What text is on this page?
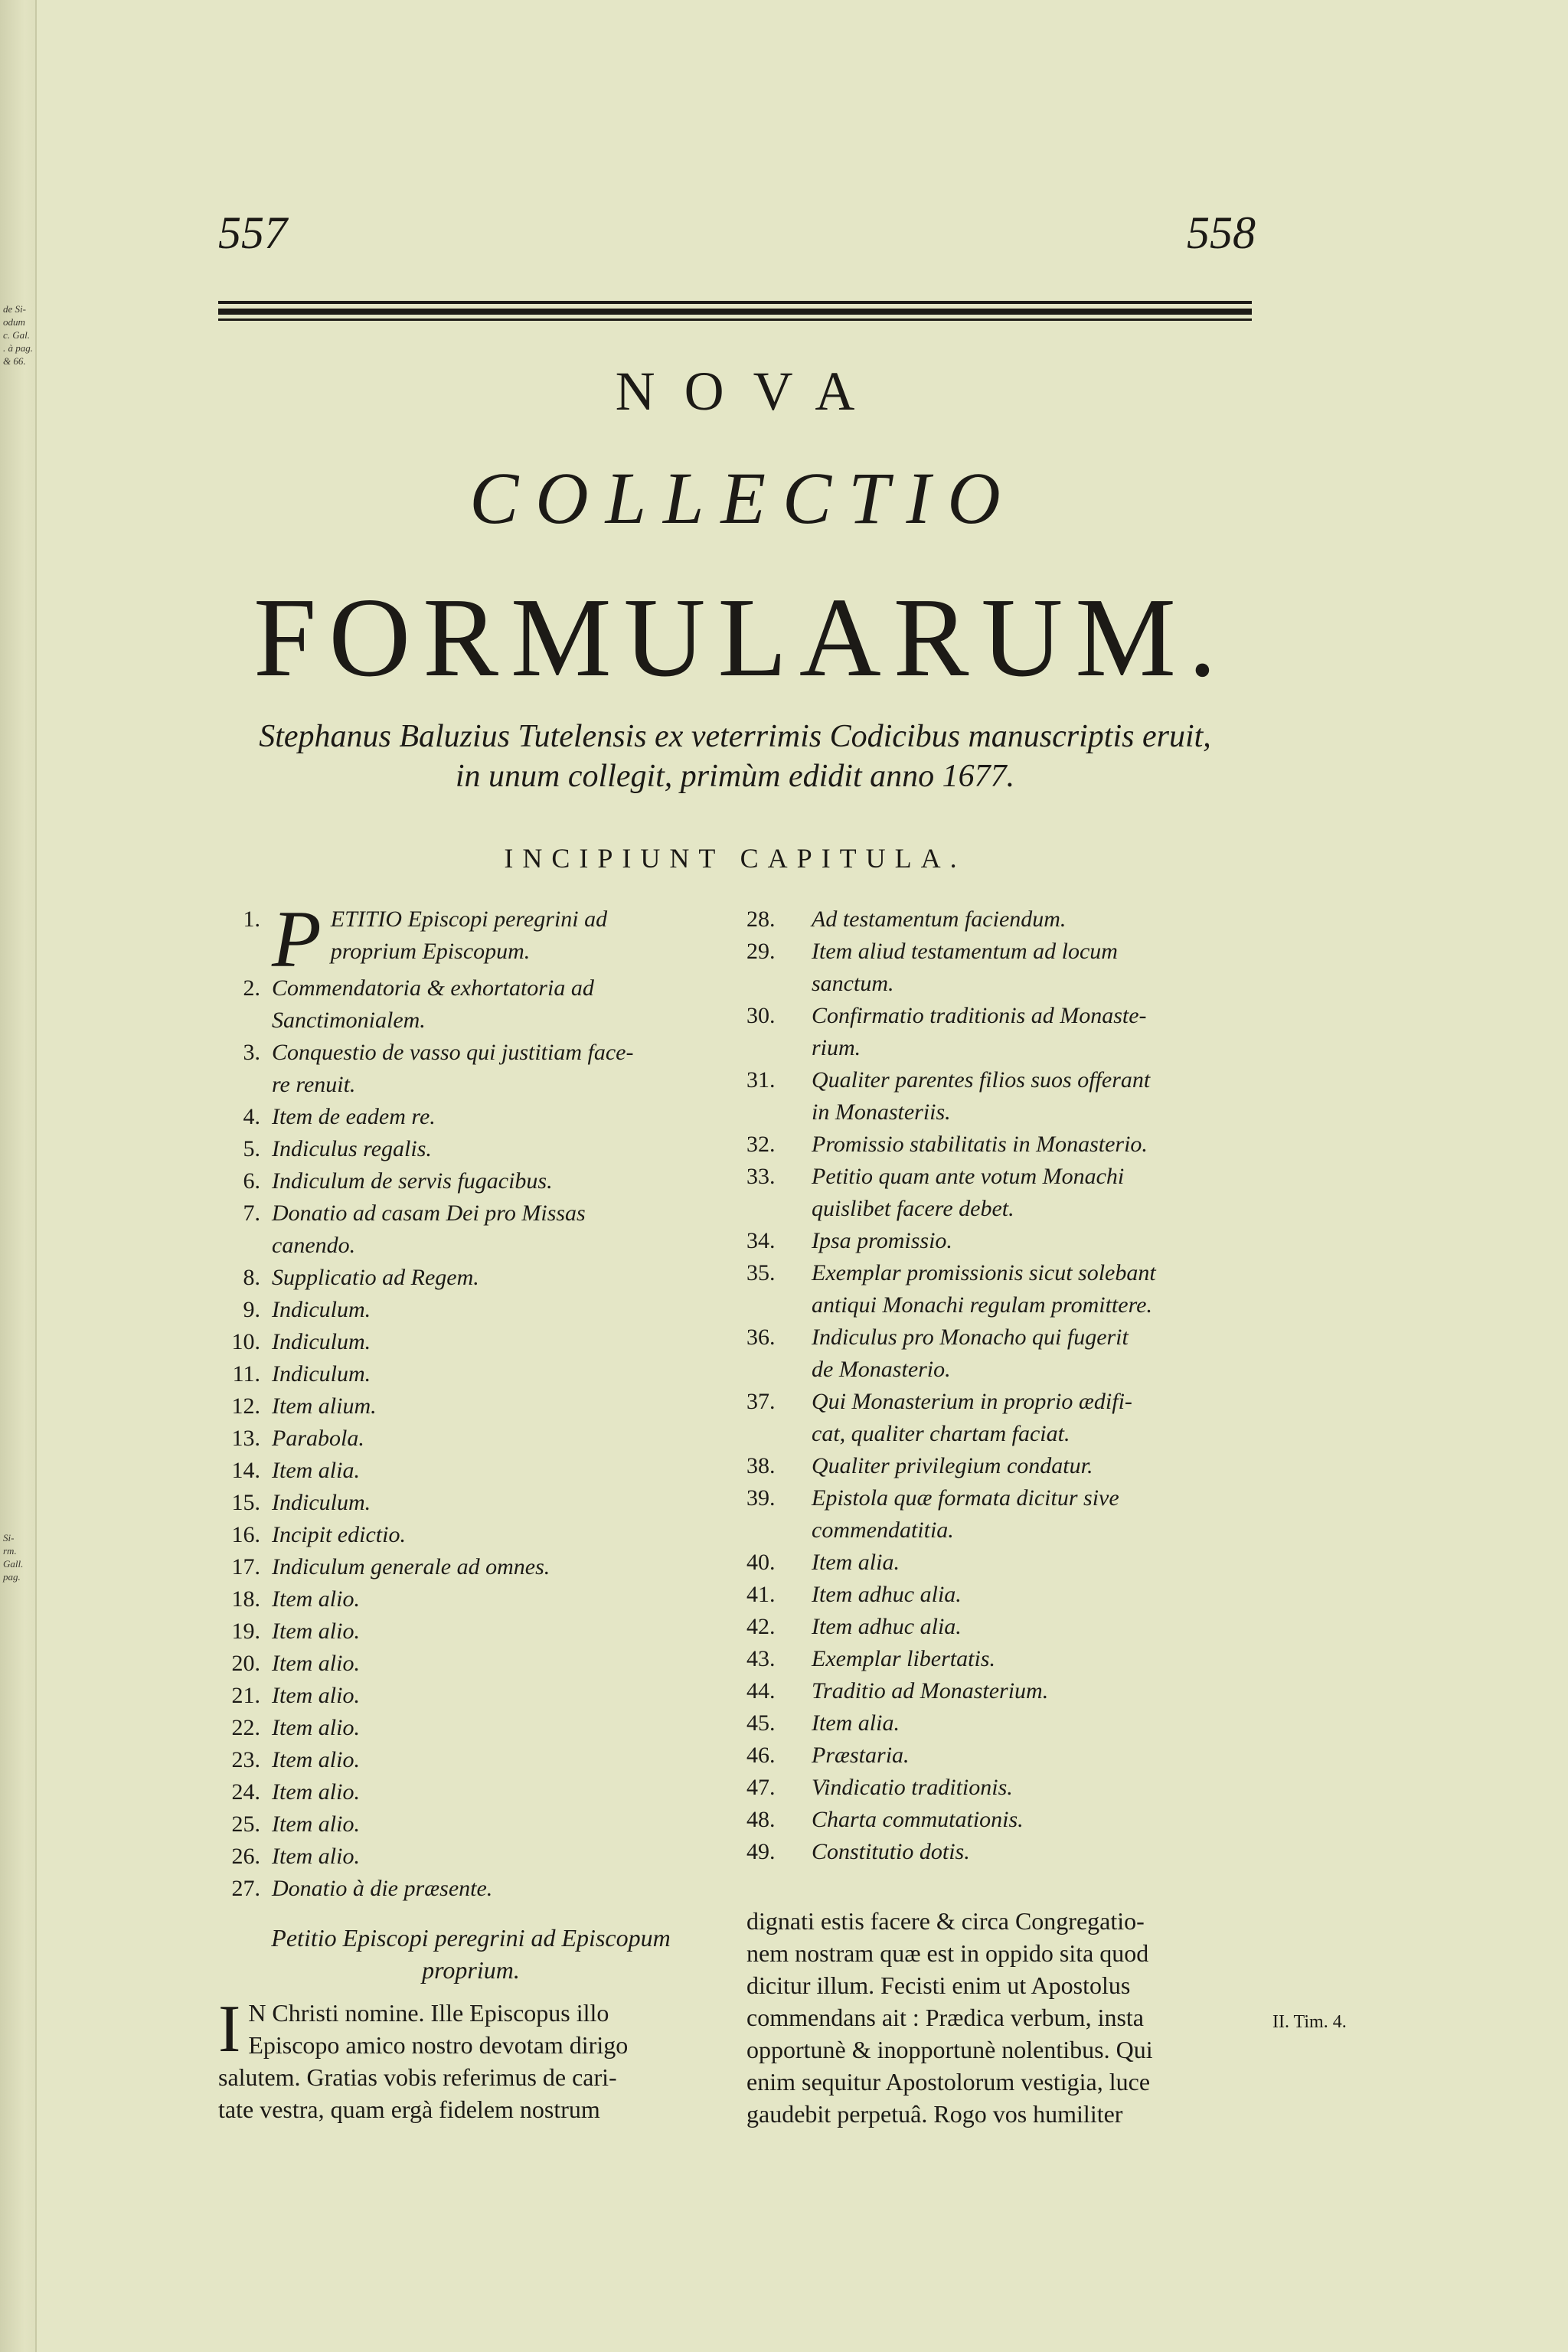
de Si-
odum
c. Gal.
. à pag.
& 66.
Si-
rm.
Gall.
pag.
557	558
NOVA
COLLECTIO
FORMULARUM.
Stephanus Baluzius Tutelensis ex veterrimis Codicibus manuscriptis eruit,
in unum collegit, primùm edidit anno 1677.
INCIPIUNT CAPITULA.
1. PETITIO Episcopi peregrini ad
proprium Episcopum.
2. Commendatoria & exhortatoria ad
Sanctimonialem.
3. Conquestio de vasso qui justitiam face-
re renuit.
4. Item de eadem re.
5. Indiculus regalis.
6. Indiculum de servis fugacibus.
7. Donatio ad casam Dei pro Missas
canendo.
8. Supplicatio ad Regem.
9. Indiculum.
10. Indiculum.
11. Indiculum.
12. Item alium.
13. Parabola.
14. Item alia.
15. Indiculum.
16. Incipit edictio.
17. Indiculum generale ad omnes.
18. Item alio.
19. Item alio.
20. Item alio.
21. Item alio.
22. Item alio.
23. Item alio.
24. Item alio.
25. Item alio.
26. Item alio.
27. Donatio à die præsente.
28.	Ad testamentum faciendum.
29.	Item aliud testamentum ad locum
sanctum.
30.	Confirmatio traditionis ad Monaste-
rium.
31.	Qualiter parentes filios suos offerant
in Monasteriis.
32.	Promissio stabilitatis in Monasterio.
33.	Petitio quam ante votum Monachi
quislibet facere debet.
34.	Ipsa promissio.
35.	Exemplar promissionis sicut solebant
antiqui Monachi regulam promittere.
36.	Indiculus pro Monacho qui fugerit
de Monasterio.
37.	Qui Monasterium in proprio ædifi-
cat, qualiter chartam faciat.
38.	Qualiter privilegium condatur.
39.	Epistola quæ formata dicitur sive
commendatitia.
40.	Item alia.
41.	Item adhuc alia.
42.	Item adhuc alia.
43.	Exemplar libertatis.
44.	Traditio ad Monasterium.
45.	Item alia.
46.	Præstaria.
47.	Vindicatio traditionis.
48.	Charta commutationis.
49.	Constitutio dotis.
Petitio Episcopi peregrini ad Episcopum
proprium.
I N Christi nomine. Ille Episcopus illo
Episcopo amico nostro devotam dirigo
salutem. Gratias vobis referimus de cari-
tate vestra, quam ergà fidelem nostrum
dignati estis facere & circa Congregatio-
nem nostram quæ est in oppido sita quod
dicitur illum. Fecisti enim ut Apostolus
commendans ait : Prædica verbum, insta
opportunè & inopportunè nolentibus. Qui
enim sequitur Apostolorum vestigia, luce
gaudebit perpetuâ. Rogo vos humiliter
II. Tim. 4.
